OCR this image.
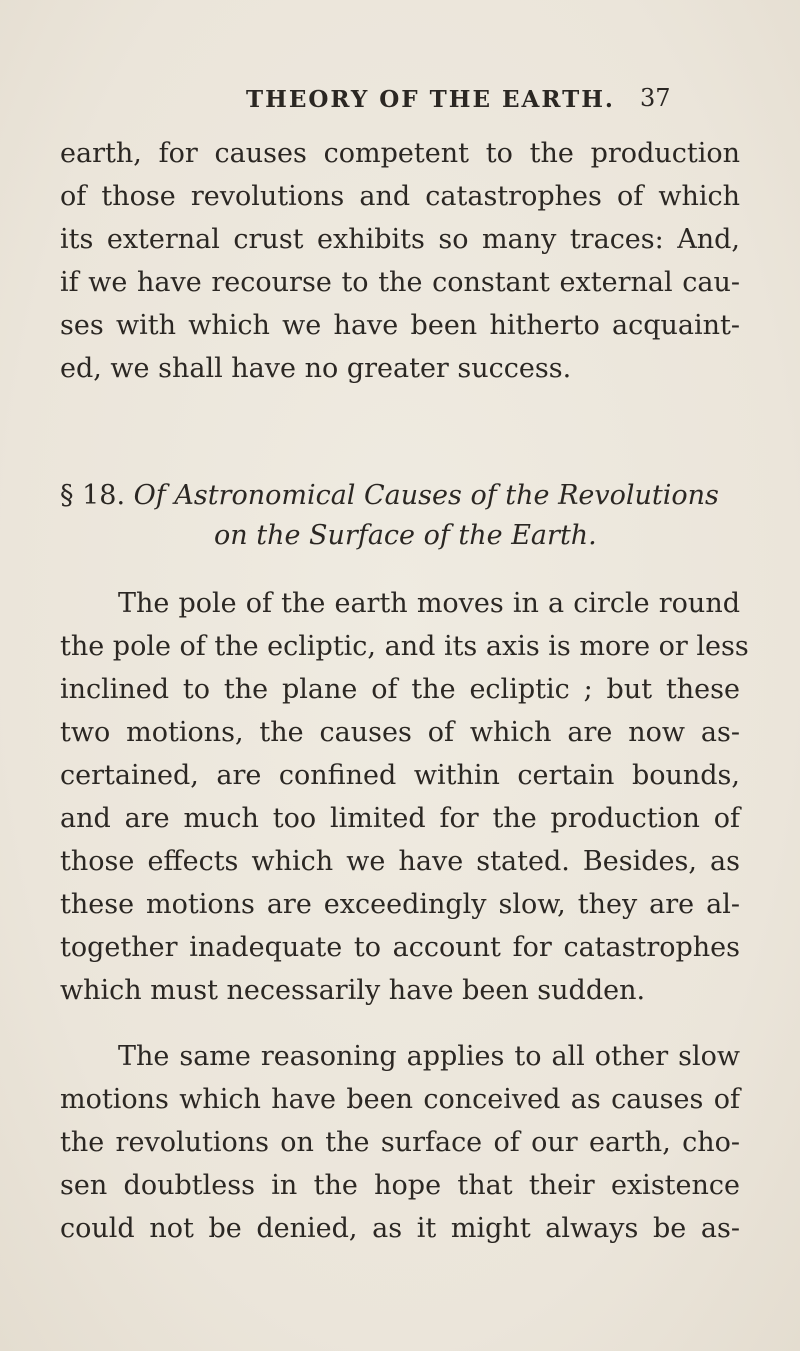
THEORY OF THE EARTH. 37
earth, for causes competent to the production
of those revolutions and catastrophes of which
its external crust exhibits so many traces: And,
if we have recourse to the constant external cau-
ses with which we have been hitherto acquaint-
ed, we shall have no greater success.
§ 18. Of Astronomical Causes of the Revolutions
on the Surface of the Earth.
The pole of the earth moves in a circle round
the pole of the ecliptic, and its axis is more or less
inclined to the plane of the ecliptic ; but these
two motions, the causes of which are now as-
certained, are confined within certain bounds,
and are much too limited for the production of
those effects which we have stated. Besides, as
these motions are exceedingly slow, they are al-
together inadequate to account for catastrophes
which must necessarily have been sudden.
The same reasoning applies to all other slow
motions which have been conceived as causes of
the revolutions on the surface of our earth, cho-
sen doubtless in the hope that their existence
could not be denied, as it might always be as-
